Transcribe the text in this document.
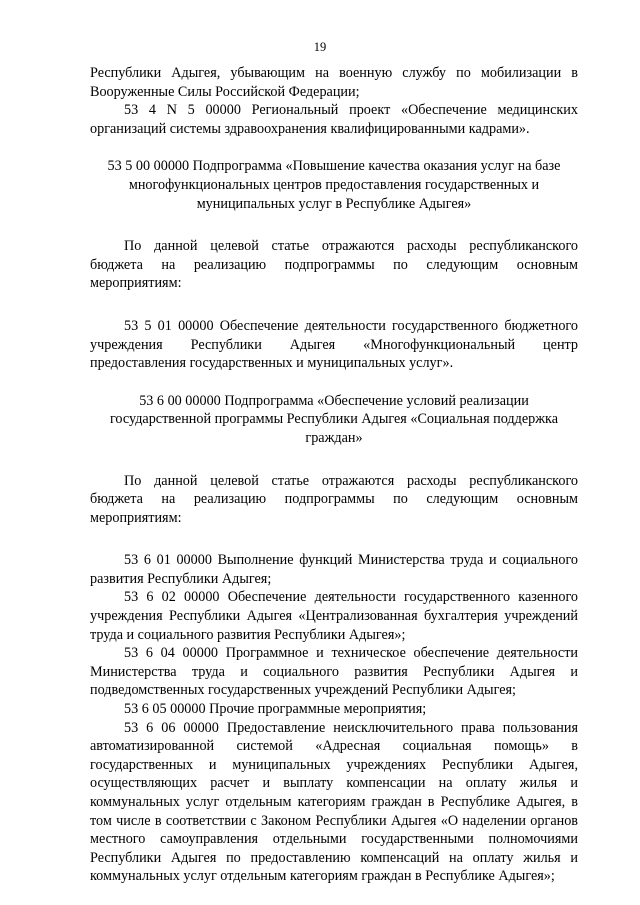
19
Республики Адыгея, убывающим на военную службу по мобилизации в Вооруженные Силы Российской Федерации;
53 4 N 5 00000 Региональный проект «Обеспечение медицинских организаций системы здравоохранения квалифицированными кадрами».
53 5 00 00000 Подпрограмма «Повышение качества оказания услуг на базе многофункциональных центров предоставления государственных и муниципальных услуг в Республике Адыгея»
По данной целевой статье отражаются расходы республиканского бюджета на реализацию подпрограммы по следующим основным мероприятиям:
53 5 01 00000 Обеспечение деятельности государственного бюджетного учреждения Республики Адыгея «Многофункциональный центр предоставления государственных и муниципальных услуг».
53 6 00 00000 Подпрограмма «Обеспечение условий реализации государственной программы Республики Адыгея «Социальная поддержка граждан»
По данной целевой статье отражаются расходы республиканского бюджета на реализацию подпрограммы по следующим основным мероприятиям:
53 6 01 00000 Выполнение функций Министерства труда и социального развития Республики Адыгея;
53 6 02 00000 Обеспечение деятельности государственного казенного учреждения Республики Адыгея «Централизованная бухгалтерия учреждений труда и социального развития Республики Адыгея»;
53 6 04 00000 Программное и техническое обеспечение деятельности Министерства труда и социального развития Республики Адыгея и подведомственных государственных учреждений Республики Адыгея;
53 6 05 00000 Прочие программные мероприятия;
53 6 06 00000 Предоставление неисключительного права пользования автоматизированной системой «Адресная социальная помощь» в государственных и муниципальных учреждениях Республики Адыгея, осуществляющих расчет и выплату компенсации на оплату жилья и коммунальных услуг отдельным категориям граждан в Республике Адыгея, в том числе в соответствии с Законом Республики Адыгея «О наделении органов местного самоуправления отдельными государственными полномочиями Республики Адыгея по предоставлению компенсаций на оплату жилья и коммунальных услуг отдельным категориям граждан в Республике Адыгея»;
